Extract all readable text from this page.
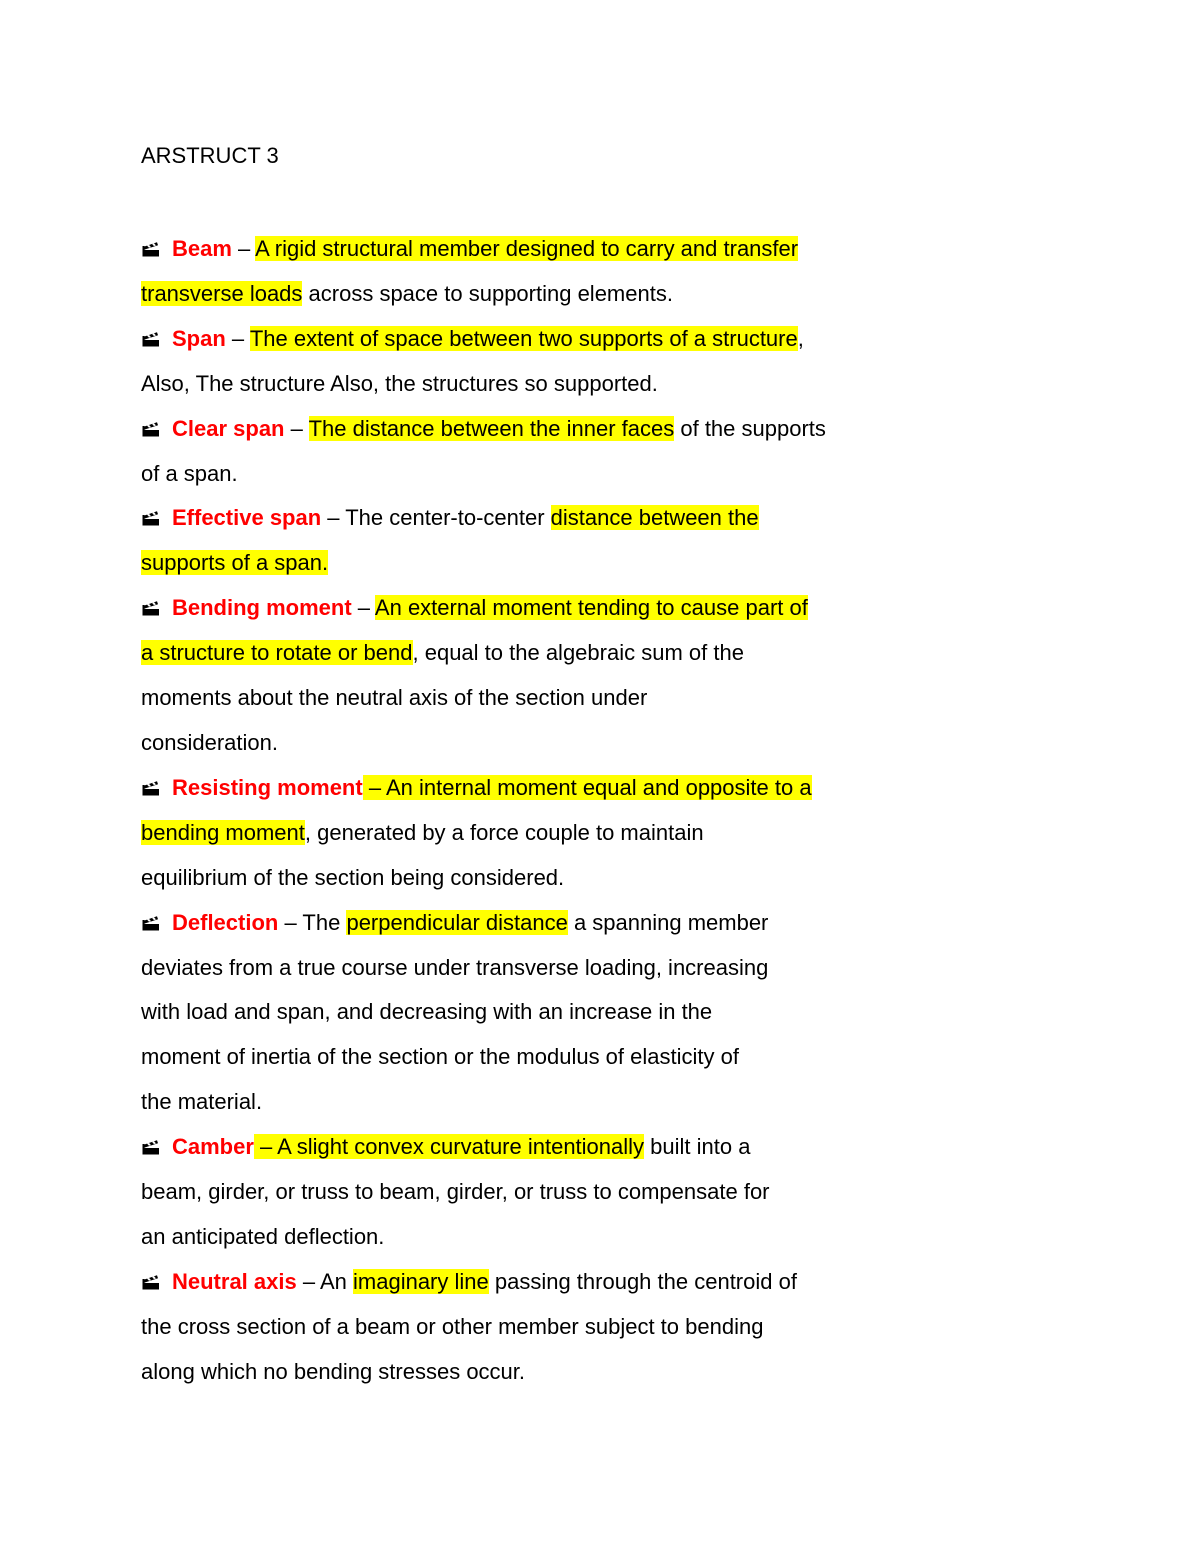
ARSTRUCT 3
Beam – A rigid structural member designed to carry and transfer
transverse loads across space to supporting elements.
Span – The extent of space between two supports of a structure,
Also, The structure Also, the structures so supported.
Clear span – The distance between the inner faces of the supports
of a span.
Effective span – The center-to-center distance between the
supports of a span.
Bending moment – An external moment tending to cause part of
a structure to rotate or bend, equal to the algebraic sum of the
moments about the neutral axis of the section under
consideration.
Resisting moment – An internal moment equal and opposite to a
bending moment, generated by a force couple to maintain
equilibrium of the section being considered.
Deflection – The perpendicular distance a spanning member
deviates from a true course under transverse loading, increasing
with load and span, and decreasing with an increase in the
moment of inertia of the section or the modulus of elasticity of
the material.
Camber – A slight convex curvature intentionally built into a
beam, girder, or truss to beam, girder, or truss to compensate for
an anticipated deflection.
Neutral axis – An imaginary line passing through the centroid of
the cross section of a beam or other member subject to bending
along which no bending stresses occur.
